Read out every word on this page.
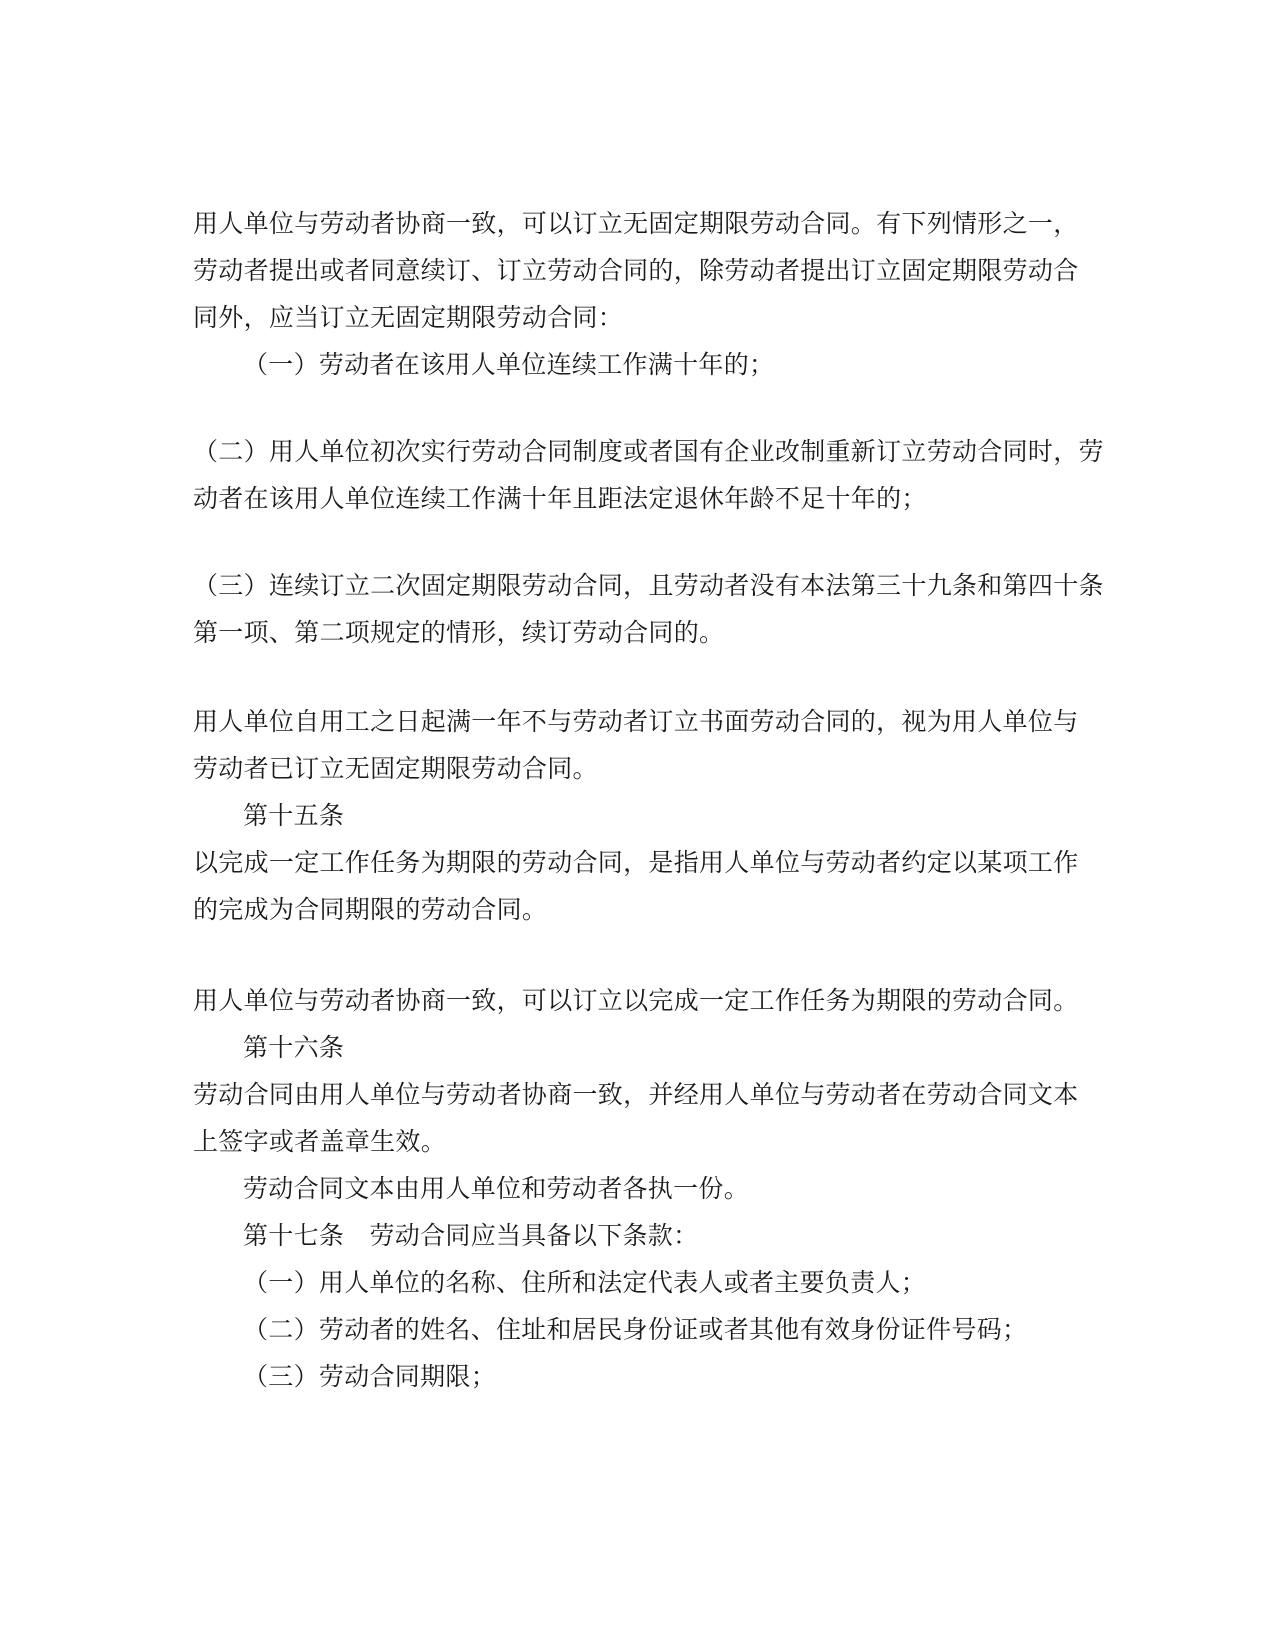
用人单位与劳动者协商一致，可以订立无固定期限劳动合同。有下列情形之一，
劳动者提出或者同意续订、订立劳动合同的，除劳动者提出订立固定期限劳动合
同外，应当订立无固定期限劳动合同：
（一）劳动者在该用人单位连续工作满十年的；
（二）用人单位初次实行劳动合同制度或者国有企业改制重新订立劳动合同时，劳
动者在该用人单位连续工作满十年且距法定退休年龄不足十年的；
（三）连续订立二次固定期限劳动合同，且劳动者没有本法第三十九条和第四十条
第一项、第二项规定的情形，续订劳动合同的。
用人单位自用工之日起满一年不与劳动者订立书面劳动合同的，视为用人单位与
劳动者已订立无固定期限劳动合同。
第十五条
以完成一定工作任务为期限的劳动合同，是指用人单位与劳动者约定以某项工作
的完成为合同期限的劳动合同。
用人单位与劳动者协商一致，可以订立以完成一定工作任务为期限的劳动合同。
第十六条
劳动合同由用人单位与劳动者协商一致，并经用人单位与劳动者在劳动合同文本
上签字或者盖章生效。
劳动合同文本由用人单位和劳动者各执一份。
第十七条　劳动合同应当具备以下条款：
（一）用人单位的名称、住所和法定代表人或者主要负责人；
（二）劳动者的姓名、住址和居民身份证或者其他有效身份证件号码；
（三）劳动合同期限；
